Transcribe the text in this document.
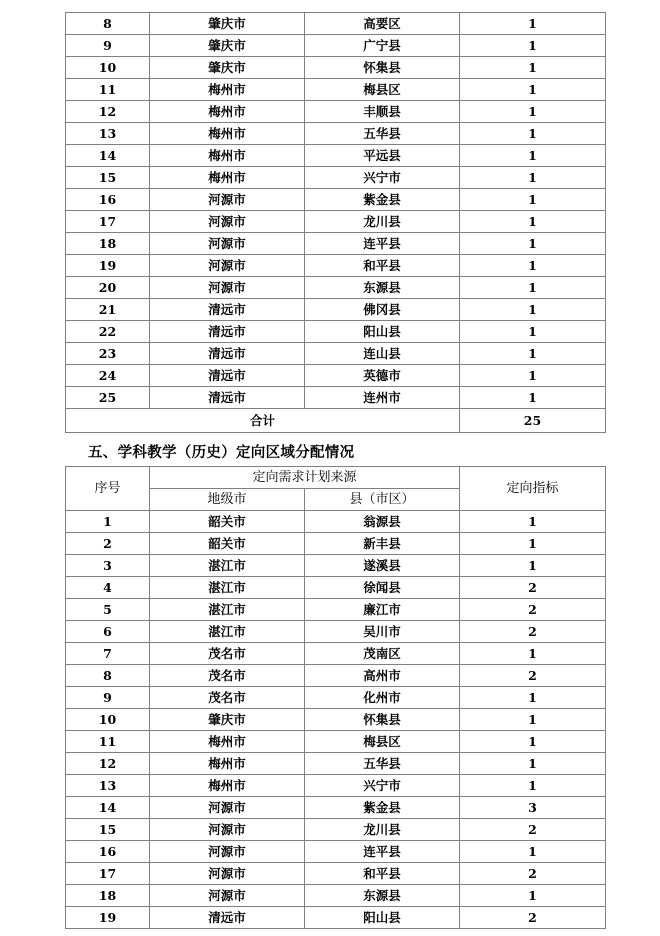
8	肇庆市	高要区	1
9	肇庆市	广宁县	1
10	肇庆市	怀集县	1
11	梅州市	梅县区	1
12	梅州市	丰顺县	1
13	梅州市	五华县	1
14	梅州市	平远县	1
15	梅州市	兴宁市	1
16	河源市	紫金县	1
17	河源市	龙川县	1
18	河源市	连平县	1
19	河源市	和平县	1
20	河源市	东源县	1
21	清远市	佛冈县	1
22	清远市	阳山县	1
23	清远市	连山县	1
24	清远市	英德市	1
25	清远市	连州市	1
合计			25
五、学科教学（历史）定向区域分配情况
序号	定向需求计划来源		定向指标
	地级市	县（市区）	
1	韶关市	翁源县	1
2	韶关市	新丰县	1
3	湛江市	遂溪县	1
4	湛江市	徐闻县	2
5	湛江市	廉江市	2
6	湛江市	吴川市	2
7	茂名市	茂南区	1
8	茂名市	高州市	2
9	茂名市	化州市	1
10	肇庆市	怀集县	1
11	梅州市	梅县区	1
12	梅州市	五华县	1
13	梅州市	兴宁市	1
14	河源市	紫金县	3
15	河源市	龙川县	2
16	河源市	连平县	1
17	河源市	和平县	2
18	河源市	东源县	1
19	清远市	阳山县	2
